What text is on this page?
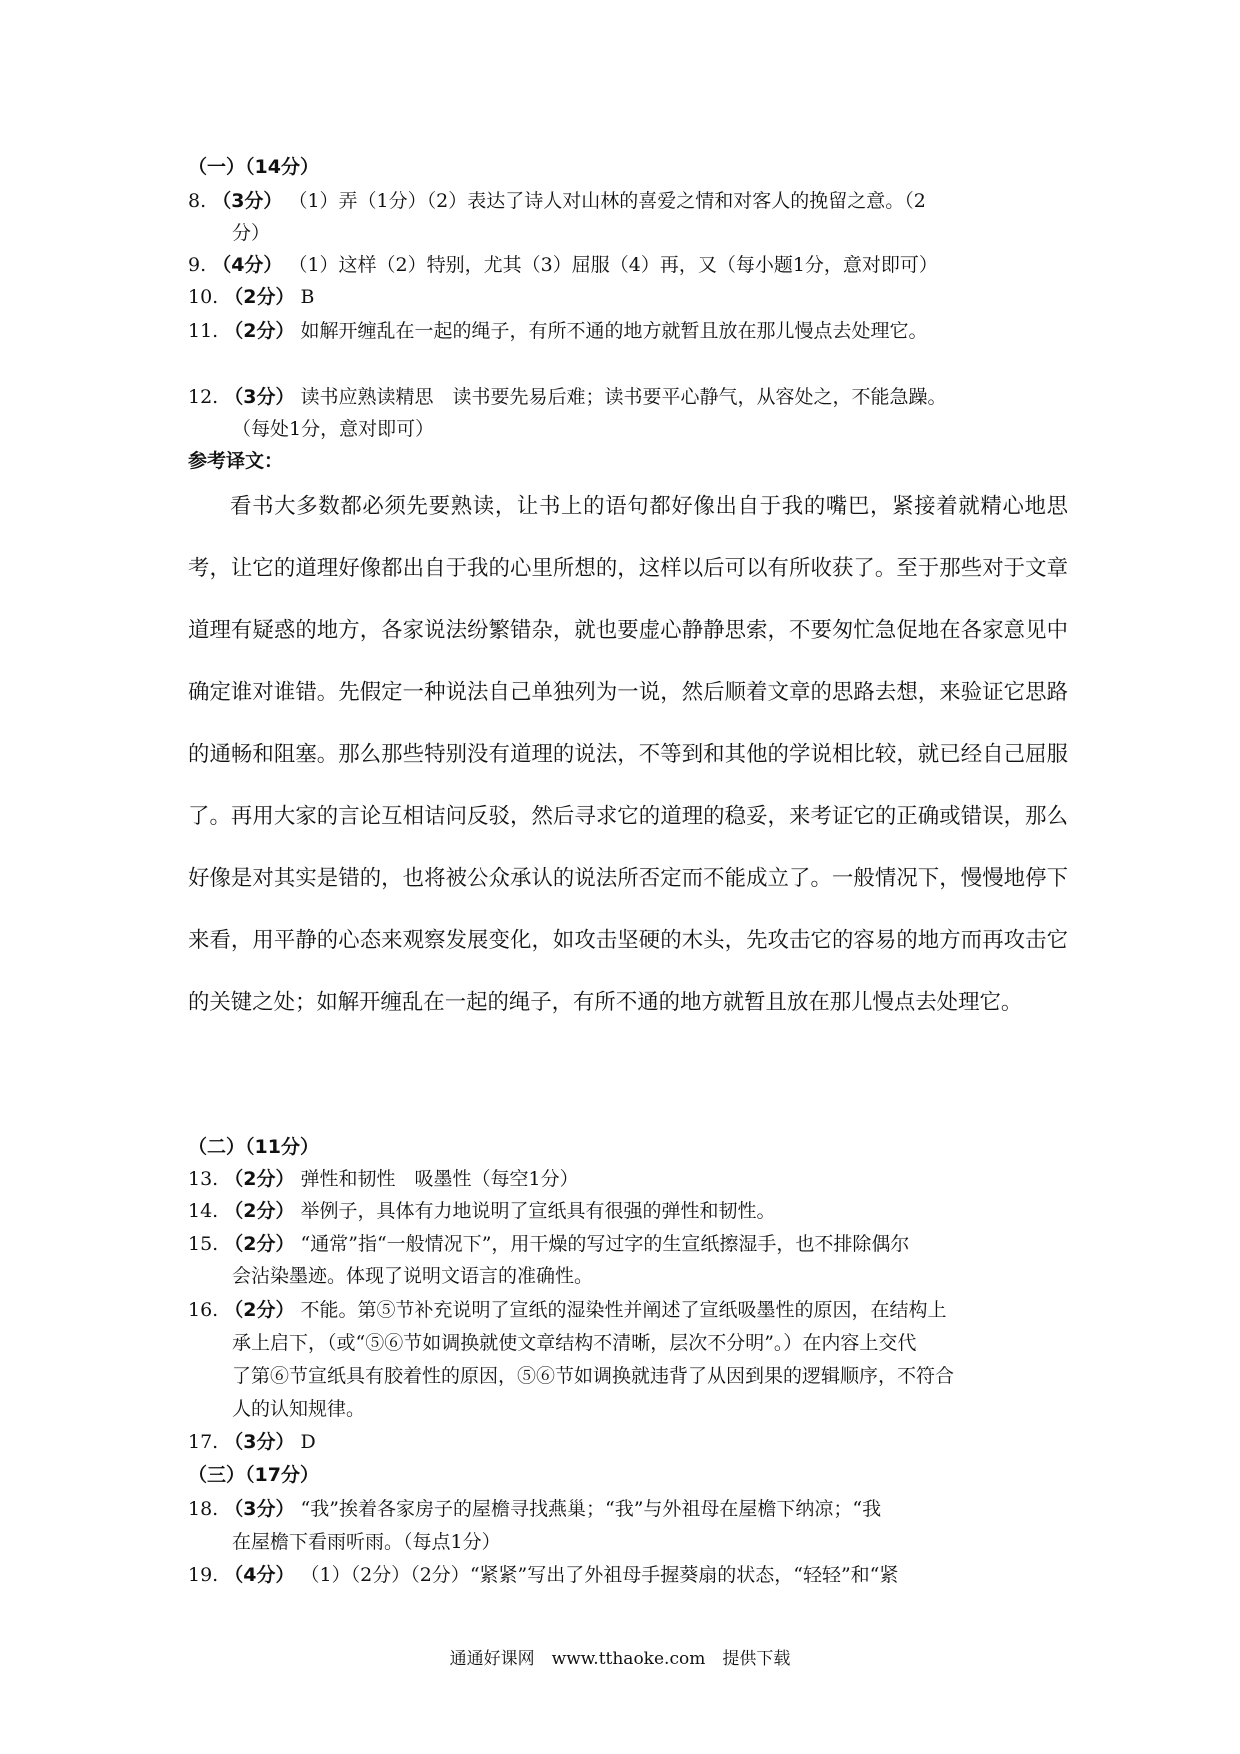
（一）（14分）
8. （3分） （1）弄（1分）（2）表达了诗人对山林的喜爱之情和对客人的挽留之意。（2
分）
9. （4分） （1）这样（2）特别，尤其（3）屈服（4）再，又（每小题1分，意对即可）
10. （2分） B
11. （2分） 如解开缠乱在一起的绳子，有所不通的地方就暂且放在那儿慢点去处理它。
12. （3分） 读书应熟读精思　读书要先易后难；读书要平心静气，从容处之，不能急躁。
（每处1分，意对即可）
参考译文：
看书大多数都必须先要熟读，让书上的语句都好像出自于我的嘴巴，紧接着就精心地思考，让它的道理好像都出自于我的心里所想的，这样以后可以有所收获了。至于那些对于文章道理有疑惑的地方，各家说法纷繁错杂，就也要虚心静静思索，不要匆忙急促地在各家意见中确定谁对谁错。先假定一种说法自己单独列为一说，然后顺着文章的思路去想，来验证它思路的通畅和阻塞。那么那些特别没有道理的说法，不等到和其他的学说相比较，就已经自己屈服了。再用大家的言论互相诘问反驳，然后寻求它的道理的稳妥，来考证它的正确或错误，那么好像是对其实是错的，也将被公众承认的说法所否定而不能成立了。一般情况下，慢慢地停下来看，用平静的心态来观察发展变化，如攻击坚硬的木头，先攻击它的容易的地方而再攻击它的关键之处；如解开缠乱在一起的绳子，有所不通的地方就暂且放在那儿慢点去处理它。
（二）（11分）
13. （2分） 弹性和韧性　吸墨性（每空1分）
14. （2分） 举例子，具体有力地说明了宣纸具有很强的弹性和韧性。
15. （2分） “通常”指“一般情况下”，用干燥的写过字的生宣纸擦湿手，也不排除偶尔
会沾染墨迹。体现了说明文语言的准确性。
16. （2分） 不能。第⑤节补充说明了宣纸的湿染性并阐述了宣纸吸墨性的原因，在结构上
承上启下，（或“⑤⑥节如调换就使文章结构不清晰，层次不分明”。）在内容上交代
了第⑥节宣纸具有胶着性的原因，⑤⑥节如调换就违背了从因到果的逻辑顺序，不符合
人的认知规律。
17. （3分） D
（三）（17分）
18. （3分） “我”挨着各家房子的屋檐寻找燕巢；“我”与外祖母在屋檐下纳凉；“我
在屋檐下看雨听雨。（每点1分）
19. （4分） （1）（2分）（2分）“紧紧”写出了外祖母手握葵扇的状态，“轻轻”和“紧
通通好课网　www.tthaoke.com　提供下载
